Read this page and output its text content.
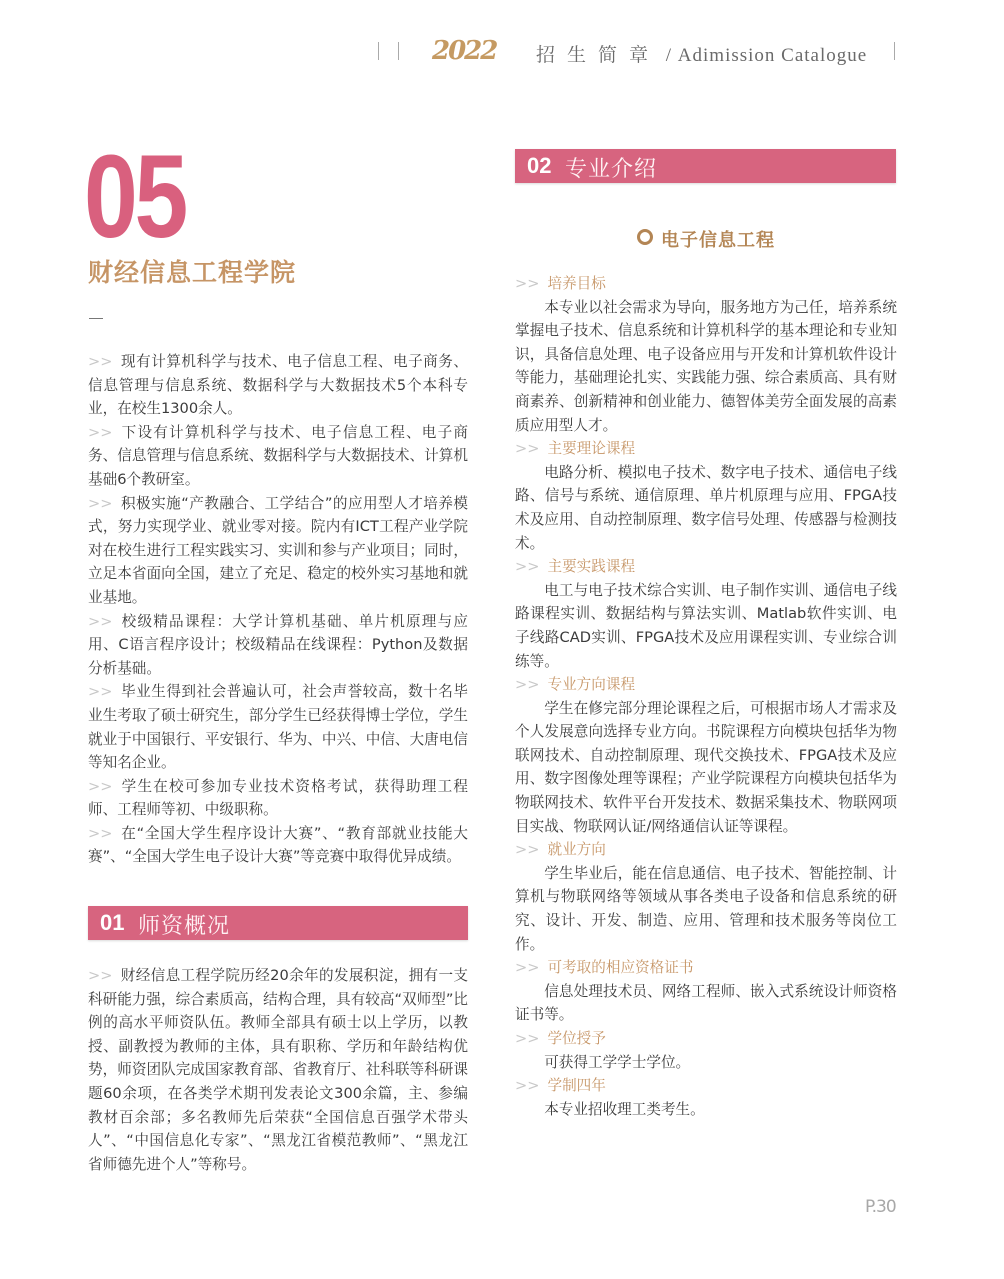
2022 招生简章 / Adimission Catalogue
05
财经信息工程学院
>> 现有计算机科学与技术、电子信息工程、电子商务、信息管理与信息系统、数据科学与大数据技术5个本科专业，在校生1300余人。
>> 下设有计算机科学与技术、电子信息工程、电子商务、信息管理与信息系统、数据科学与大数据技术、计算机基础6个教研室。
>> 积极实施“产教融合、工学结合”的应用型人才培养模式，努力实现学业、就业零对接。院内有ICT工程产业学院对在校生进行工程实践实习、实训和参与产业项目；同时，立足本省面向全国，建立了充足、稳定的校外实习基地和就业基地。
>> 校级精品课程：大学计算机基础、单片机原理与应用、C语言程序设计；校级精品在线课程：Python及数据分析基础。
>> 毕业生得到社会普遍认可，社会声誉较高，数十名毕业生考取了硕士研究生，部分学生已经获得博士学位，学生就业于中国银行、平安银行、华为、中兴、中信、大唐电信等知名企业。
>> 学生在校可参加专业技术资格考试，获得助理工程师、工程师等初、中级职称。
>> 在“全国大学生程序设计大赛”、“教育部就业技能大赛”、“全国大学生电子设计大赛”等竞赛中取得优异成绩。
01 师资概况
>> 财经信息工程学院历经20余年的发展积淀，拥有一支科研能力强，综合素质高，结构合理，具有较高“双师型”比例的高水平师资队伍。教师全部具有硕士以上学历，以教授、副教授为教师的主体，具有职称、学历和年龄结构优势，师资团队完成国家教育部、省教育厅、社科联等科研课题60余项，在各类学术期刊发表论文300余篇，主、参编教材百余部；多名教师先后荣获“全国信息百强学术带头人”、“中国信息化专家”、“黑龙江省模范教师”、“黑龙江省师德先进个人”等称号。
02 专业介绍
电子信息工程
>> 培养目标
本专业以社会需求为导向，服务地方为己任，培养系统掌握电子技术、信息系统和计算机科学的基本理论和专业知识，具备信息处理、电子设备应用与开发和计算机软件设计等能力，基础理论扎实、实践能力强、综合素质高、具有财商素养、创新精神和创业能力、德智体美劳全面发展的高素质应用型人才。
>> 主要理论课程
电路分析、模拟电子技术、数字电子技术、通信电子线路、信号与系统、通信原理、单片机原理与应用、FPGA技术及应用、自动控制原理、数字信号处理、传感器与检测技术。
>> 主要实践课程
电工与电子技术综合实训、电子制作实训、通信电子线路课程实训、数据结构与算法实训、Matlab软件实训、电子线路CAD实训、FPGA技术及应用课程实训、专业综合训练等。
>> 专业方向课程
学生在修完部分理论课程之后，可根据市场人才需求及个人发展意向选择专业方向。书院课程方向模块包括华为物联网技术、自动控制原理、现代交换技术、FPGA技术及应用、数字图像处理等课程；产业学院课程方向模块包括华为物联网技术、软件平台开发技术、数据采集技术、物联网项目实战、物联网认证/网络通信认证等课程。
>> 就业方向
学生毕业后，能在信息通信、电子技术、智能控制、计算机与物联网络等领域从事各类电子设备和信息系统的研究、设计、开发、制造、应用、管理和技术服务等岗位工作。
>> 可考取的相应资格证书
信息处理技术员、网络工程师、嵌入式系统设计师资格证书等。
>> 学位授予
可获得工学学士学位。
>> 学制四年
本专业招收理工类考生。
P.30
